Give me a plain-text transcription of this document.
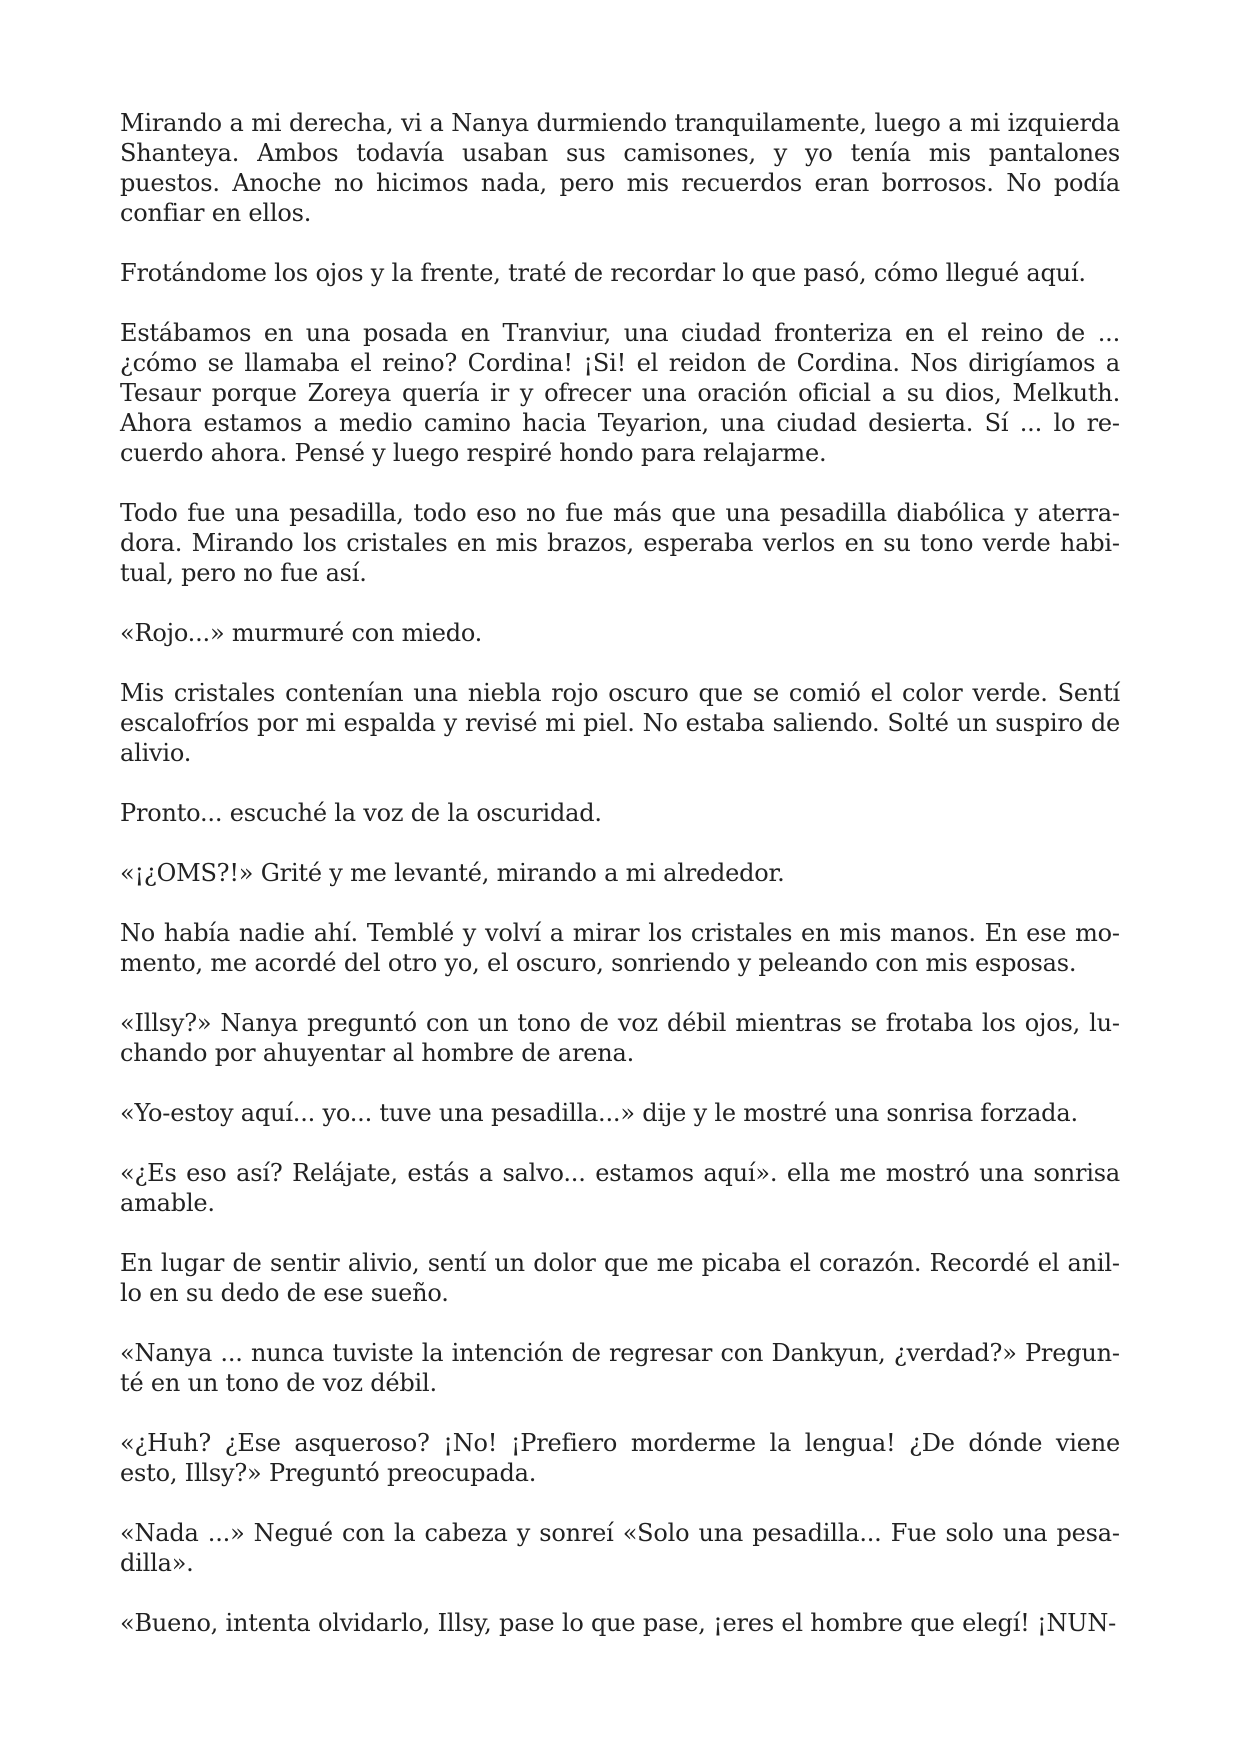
Mirando a mi derecha, vi a Nanya durmiendo tranquilamente, luego a mi izquierda Shanteya. Ambos todavía usaban sus camisones, y yo tenía mis pantalones puestos. Anoche no hicimos nada, pero mis recuerdos eran borrosos. No podía confiar en ellos.

Frotándome los ojos y la frente, traté de recordar lo que pasó, cómo llegué aquí.

Estábamos en una posada en Tranviur, una ciudad fronteriza en el reino de ... ¿cómo se llamaba el reino? Cordina! ¡Si! el reidon de Cordina. Nos dirigíamos a Tesaur porque Zoreya quería ir y ofrecer una oración oficial a su dios, Melkuth. Ahora estamos a medio camino hacia Teyarion, una ciudad desierta. Sí ... lo recuerdo ahora. Pensé y luego respiré hondo para relajarme.

Todo fue una pesadilla, todo eso no fue más que una pesadilla diabólica y aterradora. Mirando los cristales en mis brazos, esperaba verlos en su tono verde habitual, pero no fue así.

«Rojo...» murmuré con miedo.

Mis cristales contenían una niebla rojo oscuro que se comió el color verde. Sentí escalofríos por mi espalda y revisé mi piel. No estaba saliendo. Solté un suspiro de alivio.

Pronto... escuché la voz de la oscuridad.

«¡¿OMS?!» Grité y me levanté, mirando a mi alrededor.

No había nadie ahí. Temblé y volví a mirar los cristales en mis manos. En ese momento, me acordé del otro yo, el oscuro, sonriendo y peleando con mis esposas.

«Illsy?» Nanya preguntó con un tono de voz débil mientras se frotaba los ojos, luchando por ahuyentar al hombre de arena.

«Yo-estoy aquí... yo... tuve una pesadilla...» dije y le mostré una sonrisa forzada.

«¿Es eso así? Relájate, estás a salvo... estamos aquí». ella me mostró una sonrisa amable.

En lugar de sentir alivio, sentí un dolor que me picaba el corazón. Recordé el anillo en su dedo de ese sueño.

«Nanya ... nunca tuviste la intención de regresar con Dankyun, ¿verdad?» Pregunté en un tono de voz débil.

«¿Huh? ¿Ese asqueroso? ¡No! ¡Prefiero morderme la lengua! ¿De dónde viene esto, Illsy?» Preguntó preocupada.

«Nada ...» Negué con la cabeza y sonreí «Solo una pesadilla... Fue solo una pesadilla».

«Bueno, intenta olvidarlo, Illsy, pase lo que pase, ¡eres el hombre que elegí! ¡NUN-
